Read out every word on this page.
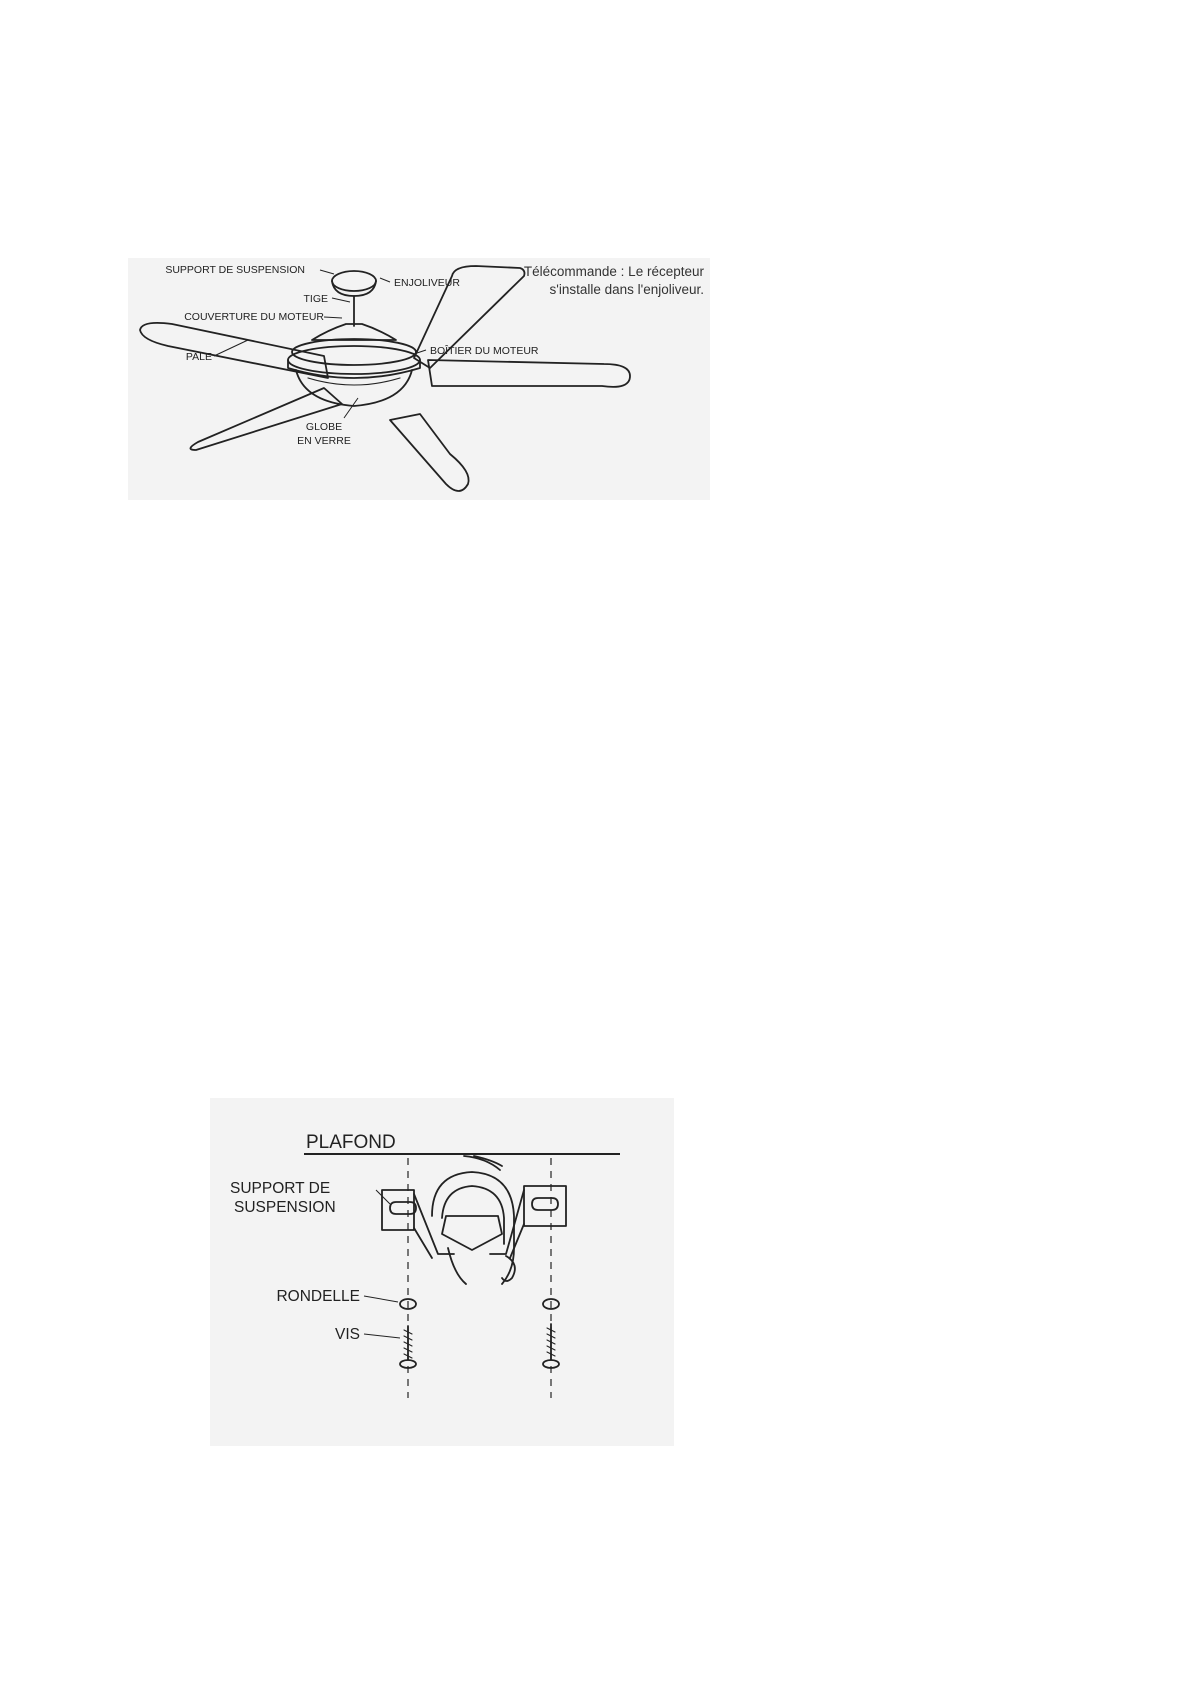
SUPPORT DE SUSPENSION
ENJOLIVEUR
TIGE
COUVERTURE DU MOTEUR
BOÎTIER DU MOTEUR
PALE
GLOBE
EN VERRE
Télécommande : Le récepteur
s'installe dans l'enjoliveur.
PLAFOND
SUPPORT DE
SUSPENSION
RONDELLE
VIS
